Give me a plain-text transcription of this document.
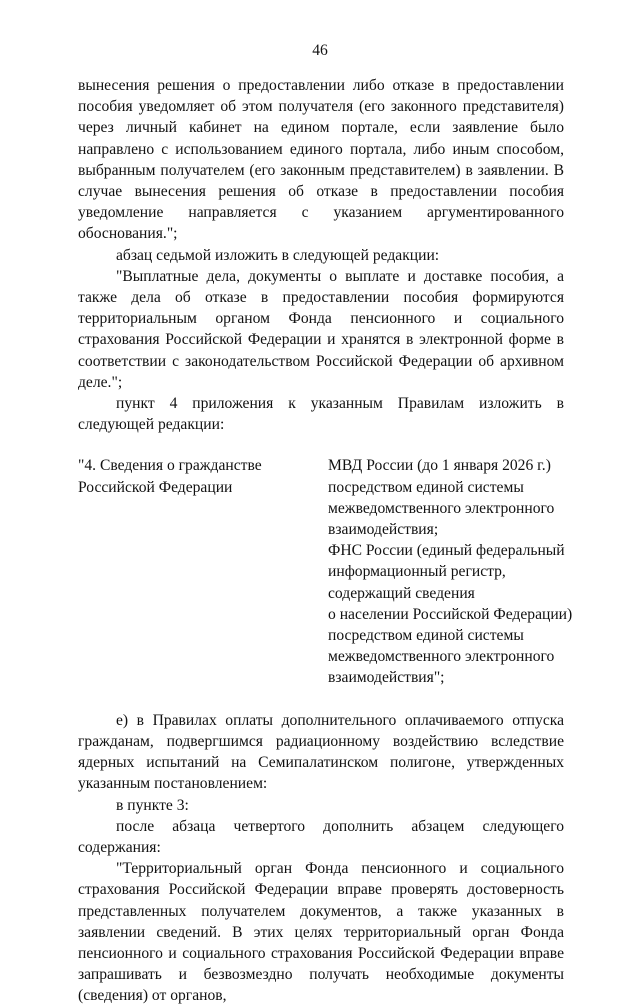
46

вынесения решения о предоставлении либо отказе в предоставлении пособия уведомляет об этом получателя (его законного представителя) через личный кабинет на едином портале, если заявление было направлено с использованием единого портала, либо иным способом, выбранным получателем (его законным представителем) в заявлении. В случае вынесения решения об отказе в предоставлении пособия уведомление направляется с указанием аргументированного обоснования.";

абзац седьмой изложить в следующей редакции:

"Выплатные дела, документы о выплате и доставке пособия, а также дела об отказе в предоставлении пособия формируются территориальным органом Фонда пенсионного и социального страхования Российской Федерации и хранятся в электронной форме в соответствии с законодательством Российской Федерации об архивном деле.";

пункт 4 приложения к указанным Правилам изложить в следующей редакции:

"4. Сведения о гражданстве
Российской Федерации
МВД России (до 1 января 2026 г.)
посредством единой системы
межведомственного электронного
взаимодействия;
ФНС России (единый федеральный
информационный регистр,
содержащий сведения
о населении Российской Федерации)
посредством единой системы
межведомственного электронного
взаимодействия";

е) в Правилах оплаты дополнительного оплачиваемого отпуска гражданам, подвергшимся радиационному воздействию вследствие ядерных испытаний на Семипалатинском полигоне, утвержденных указанным постановлением:

в пункте 3:

после абзаца четвертого дополнить абзацем следующего содержания:

"Территориальный орган Фонда пенсионного и социального страхования Российской Федерации вправе проверять достоверность представленных получателем документов, а также указанных в заявлении сведений. В этих целях территориальный орган Фонда пенсионного и социального страхования Российской Федерации вправе запрашивать и безвозмездно получать необходимые документы (сведения) от органов,
